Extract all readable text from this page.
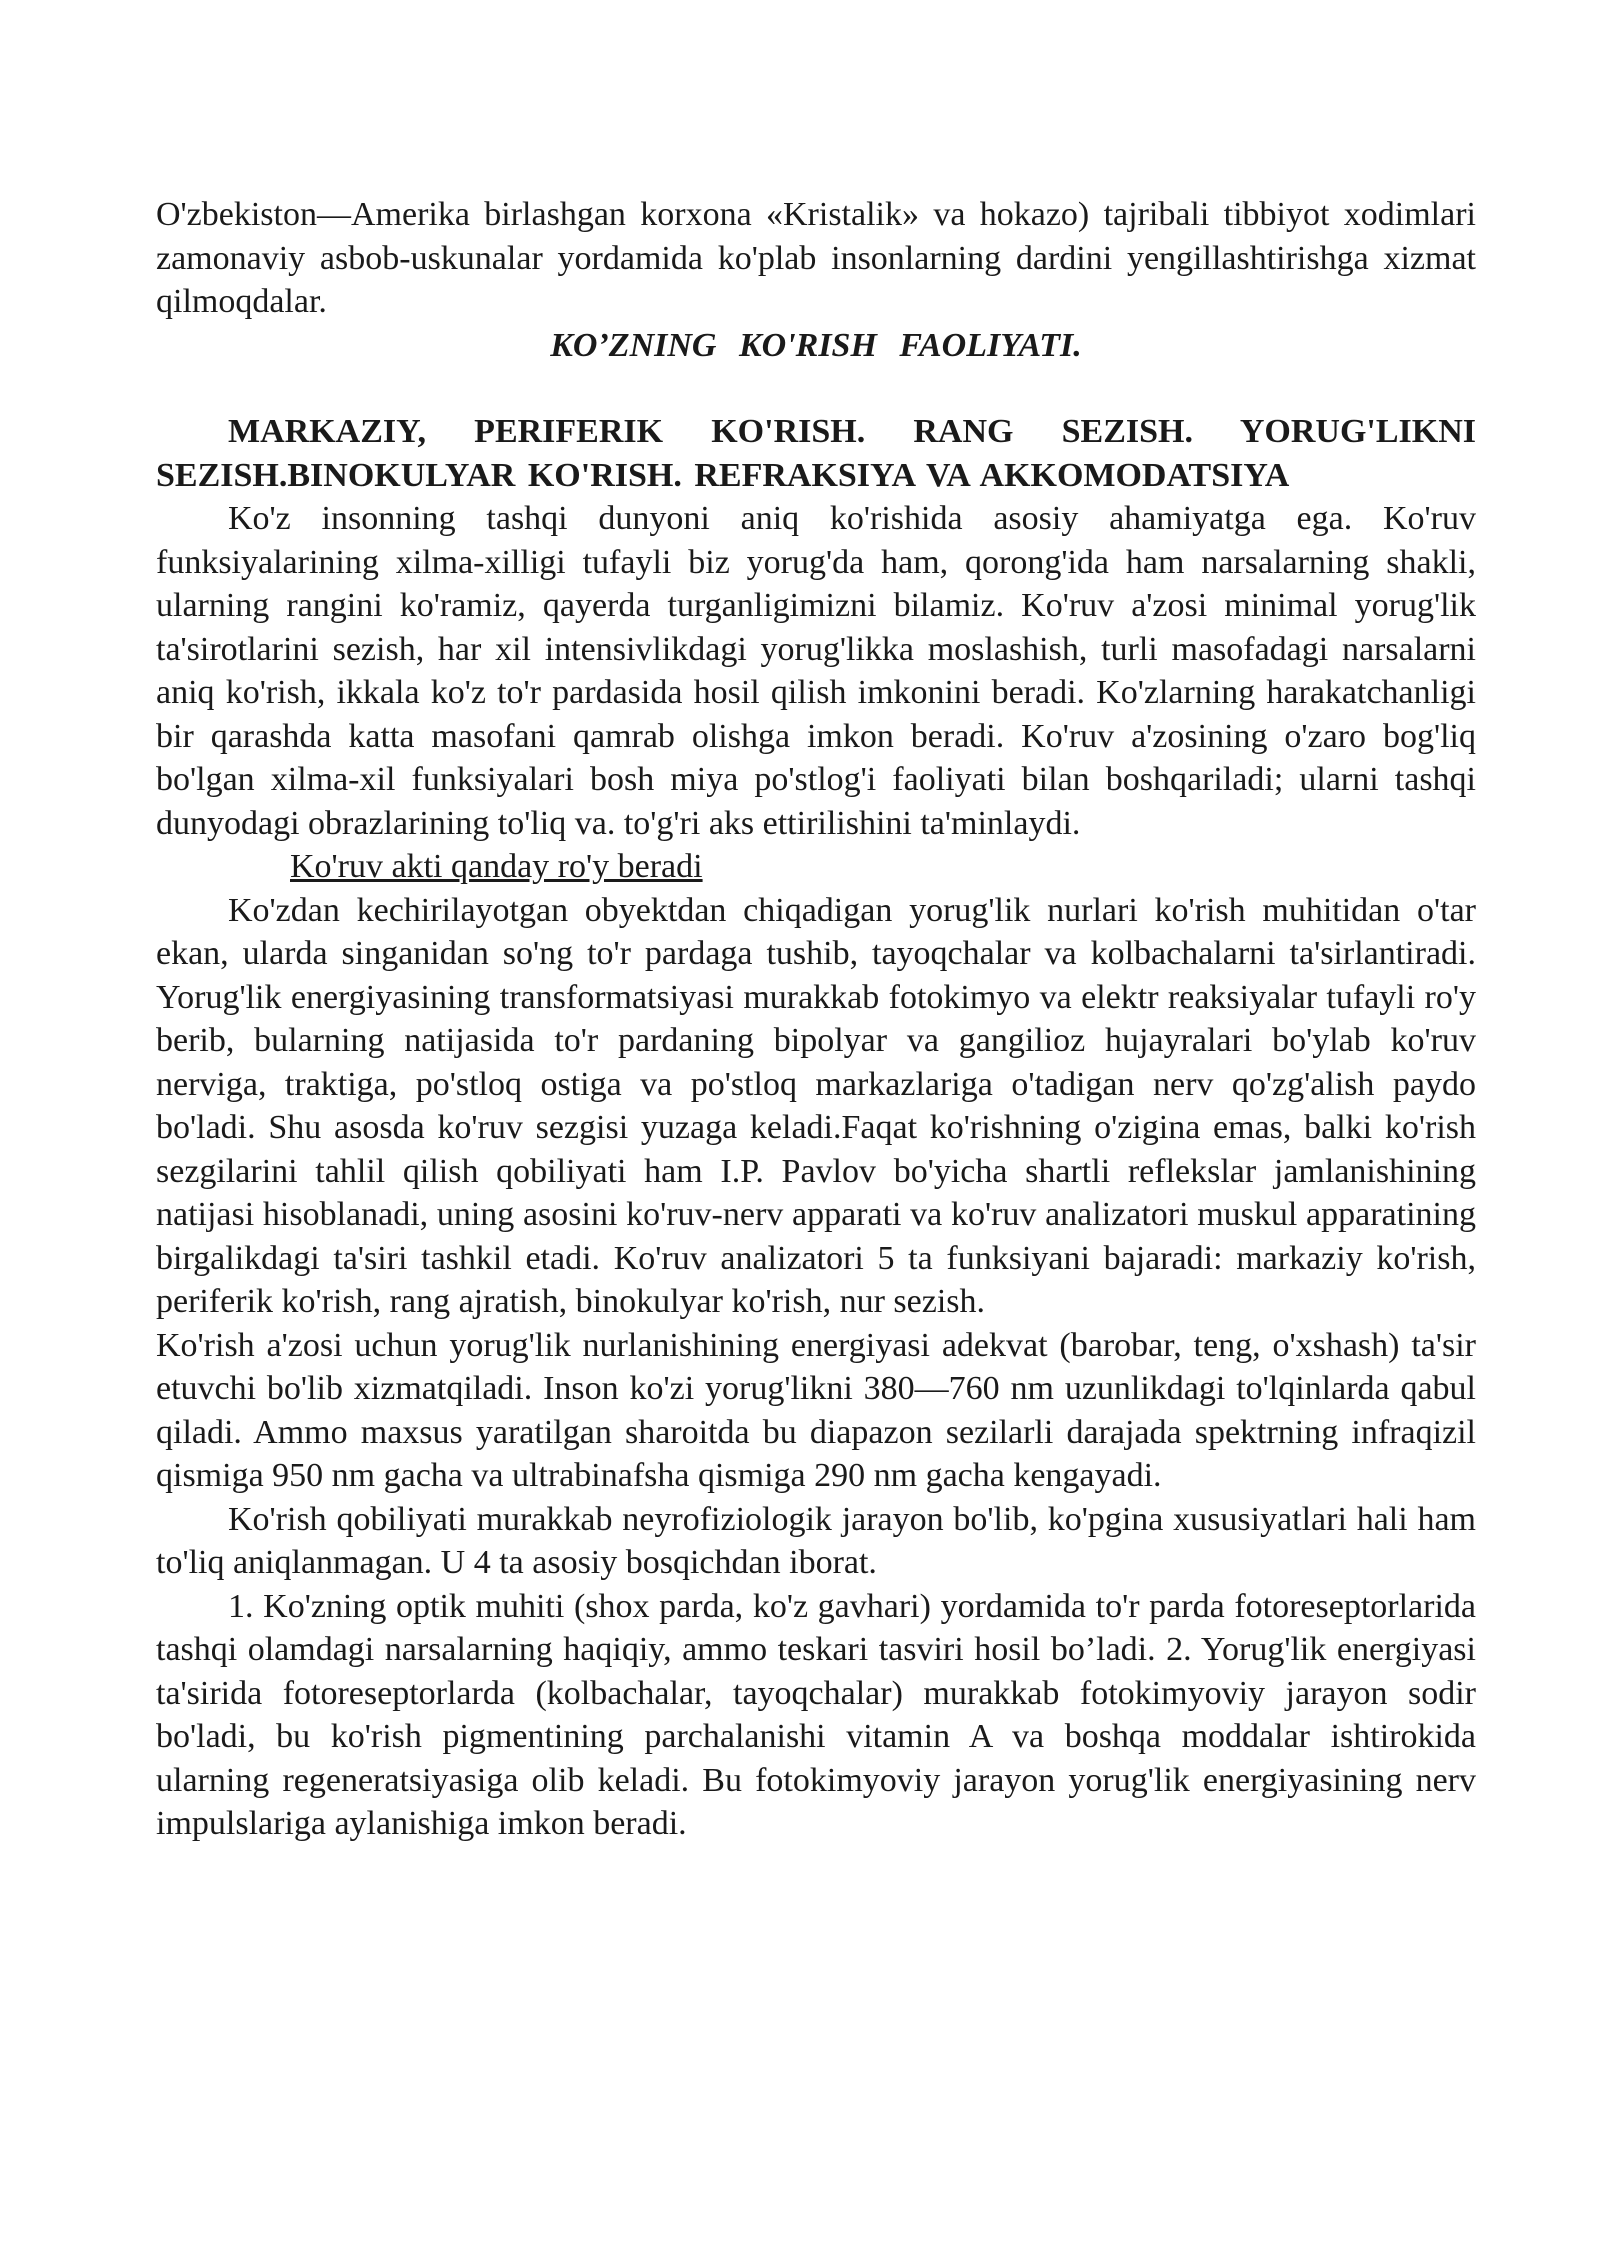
O'zbekiston—Amerika birlashgan korxona «Kristalik» va hokazo) tajribali tibbiyot xodimlari zamonaviy asbob-uskunalar yordamida ko'plab insonlarning dardini yengillashtirishga xizmat qilmoqdalar.

KO’ZNING KO'RISH FAOLIYATI.

MARKAZIY, PERIFERIK KO'RISH. RANG SEZISH. YORUG'LIKNI SEZISH.BINOKULYAR KO'RISH. REFRAKSIYA VA AKKOMODATSIYA

Ko'z insonning tashqi dunyoni aniq ko'rishida asosiy ahamiyatga ega. Ko'ruv funksiyalarining xilma-xilligi tufayli biz yorug'da ham, qorong'ida ham narsalarning shakli, ularning rangini ko'ramiz, qayerda turganligimizni bilamiz. Ko'ruv a'zosi minimal yorug'lik ta'sirotlarini sezish, har xil intensivlikdagi yorug'likka moslashish, turli masofadagi narsalarni aniq ko'rish, ikkala ko'z to'r pardasida hosil qilish imkonini beradi. Ko'zlarning harakatchanligi bir qarashda katta masofani qamrab olishga imkon beradi. Ko'ruv a'zosining o'zaro bog'liq bo'lgan xilma-xil funksiyalari bosh miya po'stlog'i faoliyati bilan boshqariladi; ularni tashqi dunyodagi obrazlarining to'liq va. to'g'ri aks ettirilishini ta'minlaydi.

Ko'ruv akti qanday ro'y beradi

Ko'zdan kechirilayotgan obyektdan chiqadigan yorug'lik nurlari ko'rish muhitidan o'tar ekan, ularda singanidan so'ng to'r pardaga tushib, tayoqchalar va kolbachalarni ta'sirlantiradi. Yorug'lik energiyasining transformatsiyasi murakkab fotokimyo va elektr reaksiyalar tufayli ro'y berib, bularning natijasida to'r pardaning bipolyar va gangilioz hujayralari bo'ylab ko'ruv nerviga, traktiga, po'stloq ostiga va po'stloq markazlariga o'tadigan nerv qo'zg'alish paydo bo'ladi. Shu asosda ko'ruv sezgisi yuzaga keladi.Faqat ko'rishning o'zigina emas, balki ko'rish sezgilarini tahlil qilish qobiliyati ham I.P. Pavlov bo'yicha shartli reflekslar jamlanishining natijasi hisoblanadi, uning asosini ko'ruv-nerv apparati va ko'ruv analizatori muskul apparatining birgalikdagi ta'siri tashkil etadi. Ko'ruv analizatori 5 ta funksiyani bajaradi: markaziy ko'rish, periferik ko'rish, rang ajratish, binokulyar ko'rish, nur sezish.

Ko'rish a'zosi uchun yorug'lik nurlanishining energiyasi adekvat (barobar, teng, o'xshash) ta'sir etuvchi bo'lib xizmatqiladi. Inson ko'zi yorug'likni 380—760 nm uzunlikdagi to'lqinlarda qabul qiladi. Ammo maxsus yaratilgan sharoitda bu diapazon sezilarli darajada spektrning infraqizil qismiga 950 nm gacha va ultrabinafsha qismiga 290 nm gacha kengayadi.

Ko'rish qobiliyati murakkab neyrofiziologik jarayon bo'lib, ko'pgina xususiyatlari hali ham to'liq aniqlanmagan. U 4 ta asosiy bosqichdan iborat.

1. Ko'zning optik muhiti (shox parda, ko'z gavhari) yordamida to'r parda fotoreseptorlarida tashqi olamdagi narsalarning haqiqiy, ammo teskari tasviri hosil bo’ladi. 2. Yorug'lik energiyasi ta'sirida fotoreseptorlarda (kolbachalar, tayoqchalar) murakkab fotokimyoviy jarayon sodir bo'ladi, bu ko'rish pigmentining parchalanishi vitamin A va boshqa moddalar ishtirokida ularning regeneratsiyasiga olib keladi. Bu fotokimyoviy jarayon yorug'lik energiyasining nerv impulslariga aylanishiga imkon beradi.
